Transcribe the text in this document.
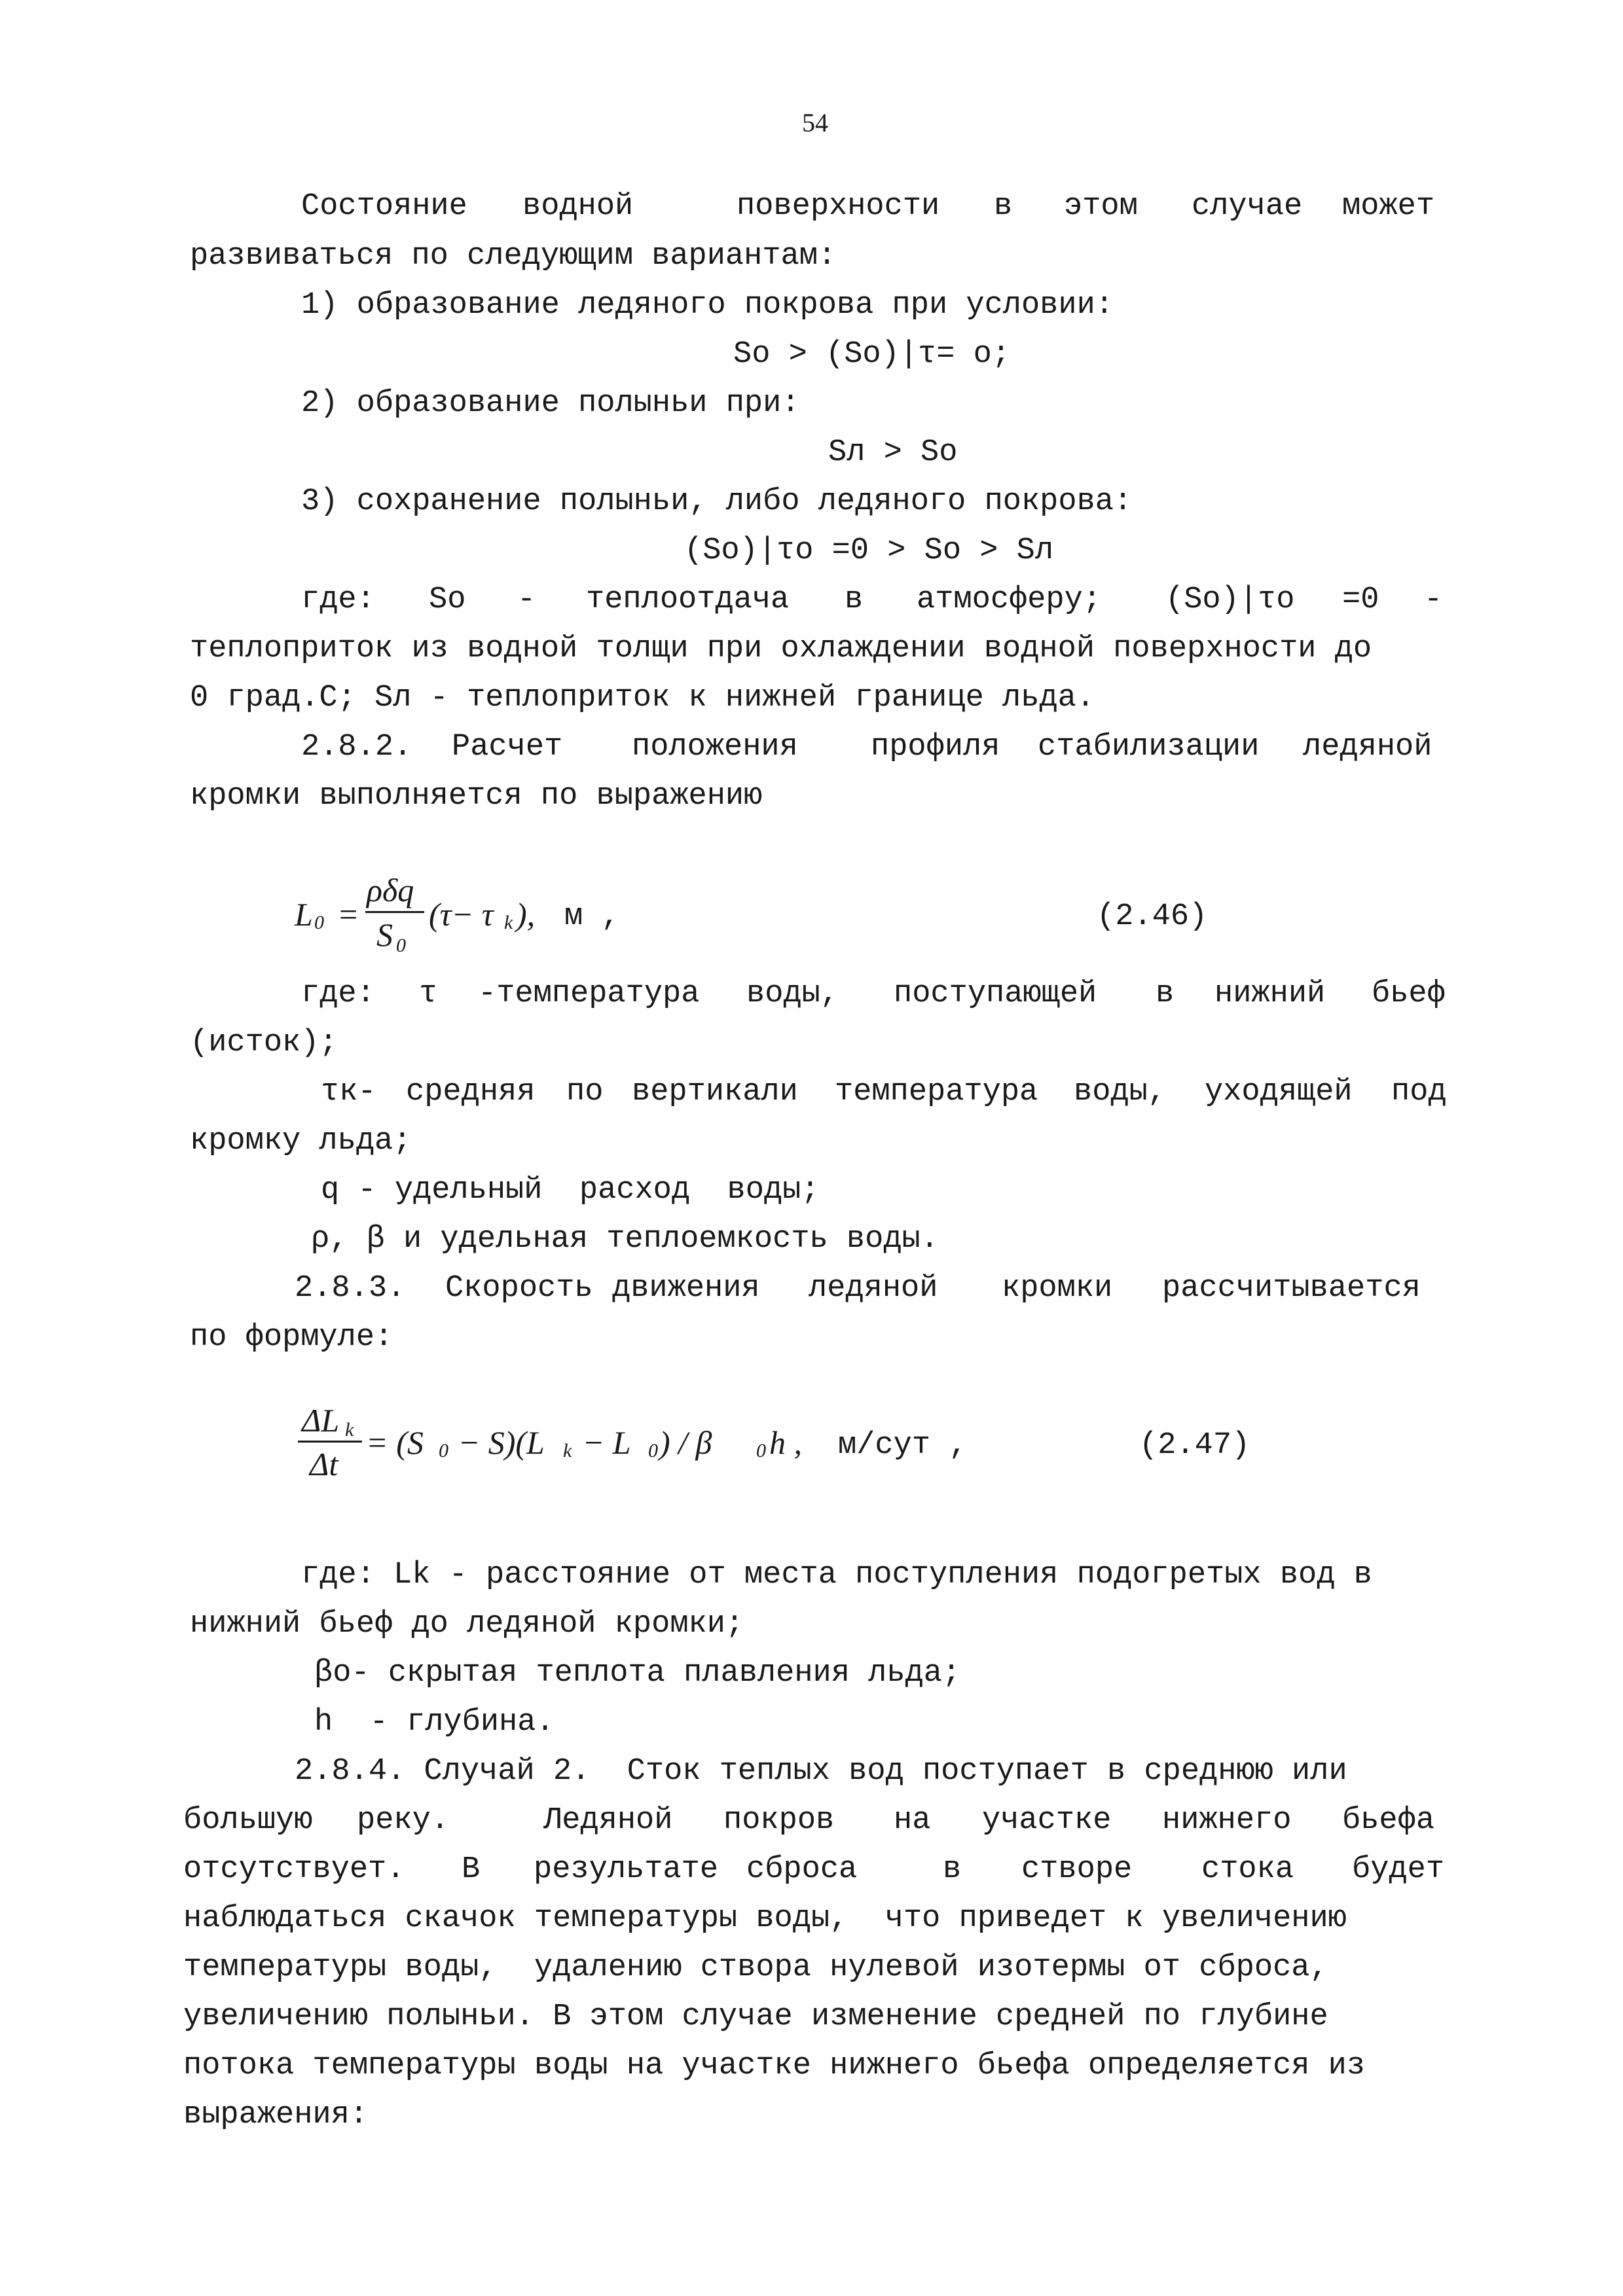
54
Состояние водной	поверхности в этом случае может
развиваться по следующим вариантам:
1) образование ледяного покрова при условии:
So > (So)|τ= o;
2) образование полыньи при:
Sл > So
3) сохранение полыньи, либо ледяного покрова:
(So)|τo =0 > So > Sл
где: So - теплоотдача в атмосферу; (So)|τo =0 -
теплоприток из водной толщи при охлаждении водной поверхности до
0 град.С; Sл - теплоприток к нижней границе льда.
2.8.2. Расчет положения профиля стабилизации ледяной
кромки выполняется по выражению
L 0 =
ρδq
S 0
(τ− τ k ), м ,	(2.46)
где: τ -температура воды, поступающей в нижний бьеф
(исток);
τк- средняя по вертикали температура воды, уходящей под
кромку льда;
q - удельный  расход  воды;
ρ, β и удельная теплоемкость воды.
2.8.3. Скорость движения ледяной кромки рассчитывается
по формуле:
ΔL k
Δt
= (S 0 − S)(L k − L 0 ) / β 0 h , м/сут ,	(2.47)
где: Lk - расстояние от места поступления подогретых вод в
нижний бьеф до ледяной кромки;
βо- скрытая теплота плавления льда;
h  - глубина.
2.8.4. Случай 2.  Сток теплых вод поступает в среднюю или
большую реку.	Ледяной покров на участке нижнего бьефа
отсутствует. В результате сброса	в створе стока будет
наблюдаться скачок температуры воды,  что приведет к увеличению
температуры воды,  удалению створа нулевой изотермы от сброса,
увеличению полыньи. В этом случае изменение средней по глубине
потока температуры воды на участке нижнего бьефа определяется из
выражения:
